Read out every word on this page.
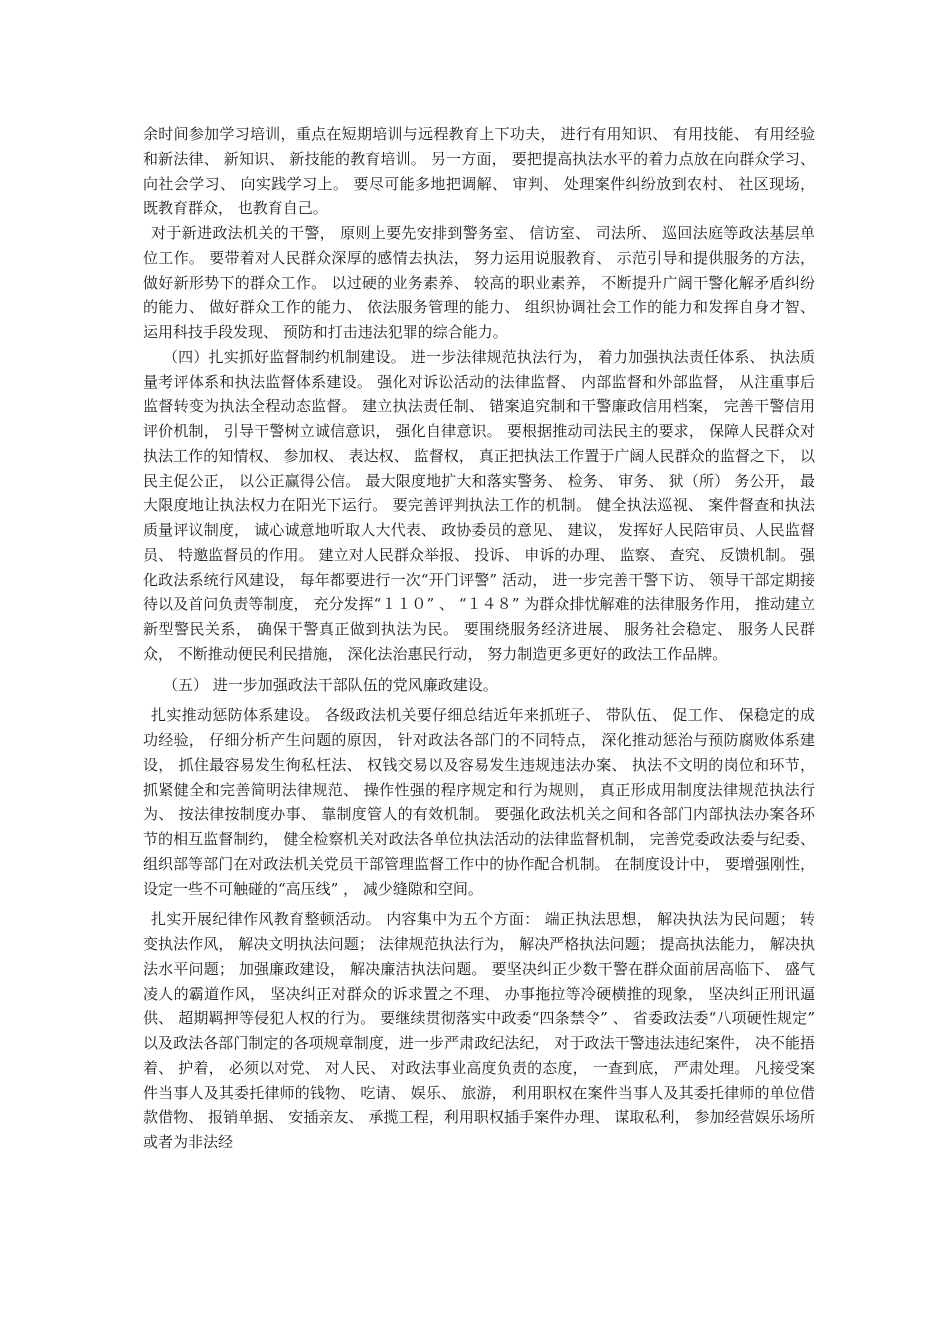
余时间参加学习培训，重点在短期培训与远程教育上下功夫， 进行有用知识、 有用技能、 有用经验和新法律、 新知识、 新技能的教育培训。 另一方面， 要把提高执法水平的着力点放在向群众学习、 向社会学习、 向实践学习上。 要尽可能多地把调解、 审判、 处理案件纠纷放到农村、 社区现场， 既教育群众， 也教育自己。

对于新进政法机关的干警， 原则上要先安排到警务室、 信访室、 司法所、 巡回法庭等政法基层单位工作。 要带着对人民群众深厚的感情去执法， 努力运用说服教育、 示范引导和提供服务的方法， 做好新形势下的群众工作。 以过硬的业务素养、 较高的职业素养， 不断提升广阔干警化解矛盾纠纷的能力、 做好群众工作的能力、 依法服务管理的能力、 组织协调社会工作的能力和发挥自身才智、 运用科技手段发现、 预防和打击违法犯罪的综合能力。

（四）扎实抓好监督制约机制建设。 进一步法律规范执法行为， 着力加强执法责任体系、 执法质量考评体系和执法监督体系建设。 强化对诉讼活动的法律监督、 内部监督和外部监督， 从注重事后监督转变为执法全程动态监督。 建立执法责任制、 错案追究制和干警廉政信用档案， 完善干警信用评价机制， 引导干警树立诚信意识， 强化自律意识。 要根据推动司法民主的要求， 保障人民群众对执法工作的知情权、 参加权、 表达权、 监督权， 真正把执法工作置于广阔人民群众的监督之下， 以民主促公正， 以公正赢得公信。 最大限度地扩大和落实警务、 检务、 审务、 狱（所） 务公开， 最大限度地让执法权力在阳光下运行。 要完善评判执法工作的机制。 健全执法巡视、 案件督查和执法质量评议制度， 诚心诚意地听取人大代表、 政协委员的意见、 建议， 发挥好人民陪审员、人民监督员、 特邀监督员的作用。 建立对人民群众举报、 投诉、 申诉的办理、 监察、 查究、 反馈机制。 强化政法系统行风建设， 每年都要进行一次“开门评警” 活动， 进一步完善干警下访、 领导干部定期接待以及首问负责等制度， 充分发挥“１１０” 、 “１４８” 为群众排忧解难的法律服务作用， 推动建立新型警民关系， 确保干警真正做到执法为民。 要围绕服务经济进展、 服务社会稳定、 服务人民群众， 不断推动便民利民措施， 深化法治惠民行动， 努力制造更多更好的政法工作品牌。

（五） 进一步加强政法干部队伍的党风廉政建设。

扎实推动惩防体系建设。 各级政法机关要仔细总结近年来抓班子、 带队伍、 促工作、 保稳定的成功经验， 仔细分析产生问题的原因， 针对政法各部门的不同特点， 深化推动惩治与预防腐败体系建设， 抓住最容易发生徇私枉法、 权钱交易以及容易发生违规违法办案、 执法不文明的岗位和环节，抓紧健全和完善简明法律规范、 操作性强的程序规定和行为规则， 真正形成用制度法律规范执法行为、 按法律按制度办事、 靠制度管人的有效机制。 要强化政法机关之间和各部门内部执法办案各环节的相互监督制约， 健全检察机关对政法各单位执法活动的法律监督机制， 完善党委政法委与纪委、 组织部等部门在对政法机关党员干部管理监督工作中的协作配合机制。 在制度设计中， 要增强刚性， 设定一些不可触碰的“高压线” ， 减少缝隙和空间。

扎实开展纪律作风教育整顿活动。 内容集中为五个方面： 端正执法思想， 解决执法为民问题； 转变执法作风， 解决文明执法问题； 法律规范执法行为， 解决严格执法问题； 提高执法能力， 解决执法水平问题； 加强廉政建设， 解决廉洁执法问题。 要坚决纠正少数干警在群众面前居高临下、 盛气凌人的霸道作风， 坚决纠正对群众的诉求置之不理、 办事拖拉等冷硬横推的现象， 坚决纠正刑讯逼供、 超期羁押等侵犯人权的行为。 要继续贯彻落实中政委“四条禁令” 、 省委政法委“八项硬性规定” 以及政法各部门制定的各项规章制度，进一步严肃政纪法纪， 对于政法干警违法违纪案件， 决不能捂着、 护着， 必须以对党、 对人民、 对政法事业高度负责的态度， 一查到底， 严肃处理。 凡接受案件当事人及其委托律师的钱物、 吃请、 娱乐、 旅游， 利用职权在案件当事人及其委托律师的单位借款借物、 报销单据、 安插亲友、 承揽工程，利用职权插手案件办理、 谋取私利， 参加经营娱乐场所或者为非法经
